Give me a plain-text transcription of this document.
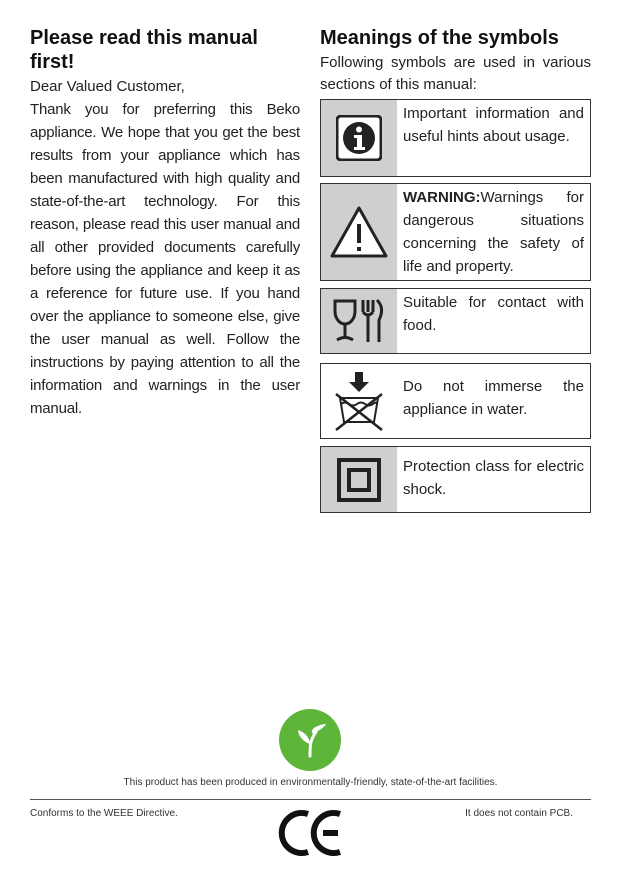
Please read this manual first!

Dear Valued Customer,

Thank you for preferring this Beko appliance. We hope that you get the best results from your appliance which has been manufactured with high quality and state-of-the-art technology. For this reason, please read this user manual and all other provided documents carefully before using the appliance and keep it as a reference for future use. If you hand over the appliance to someone else, give the user manual as well. Follow the instructions by paying attention to all the information and warnings in the user manual.

Meanings of the symbols

Following symbols are used in various sections of this manual:

Important information and useful hints about usage.
WARNING:Warnings for dangerous situations concerning the safety of life and property.
Suitable for contact with food.
Do not immerse the appliance in water.
Protection class for electric shock.
This product has been produced in environmentally-friendly, state-of-the-art facilities.
Conforms to the WEEE Directive.	It does not contain PCB.
